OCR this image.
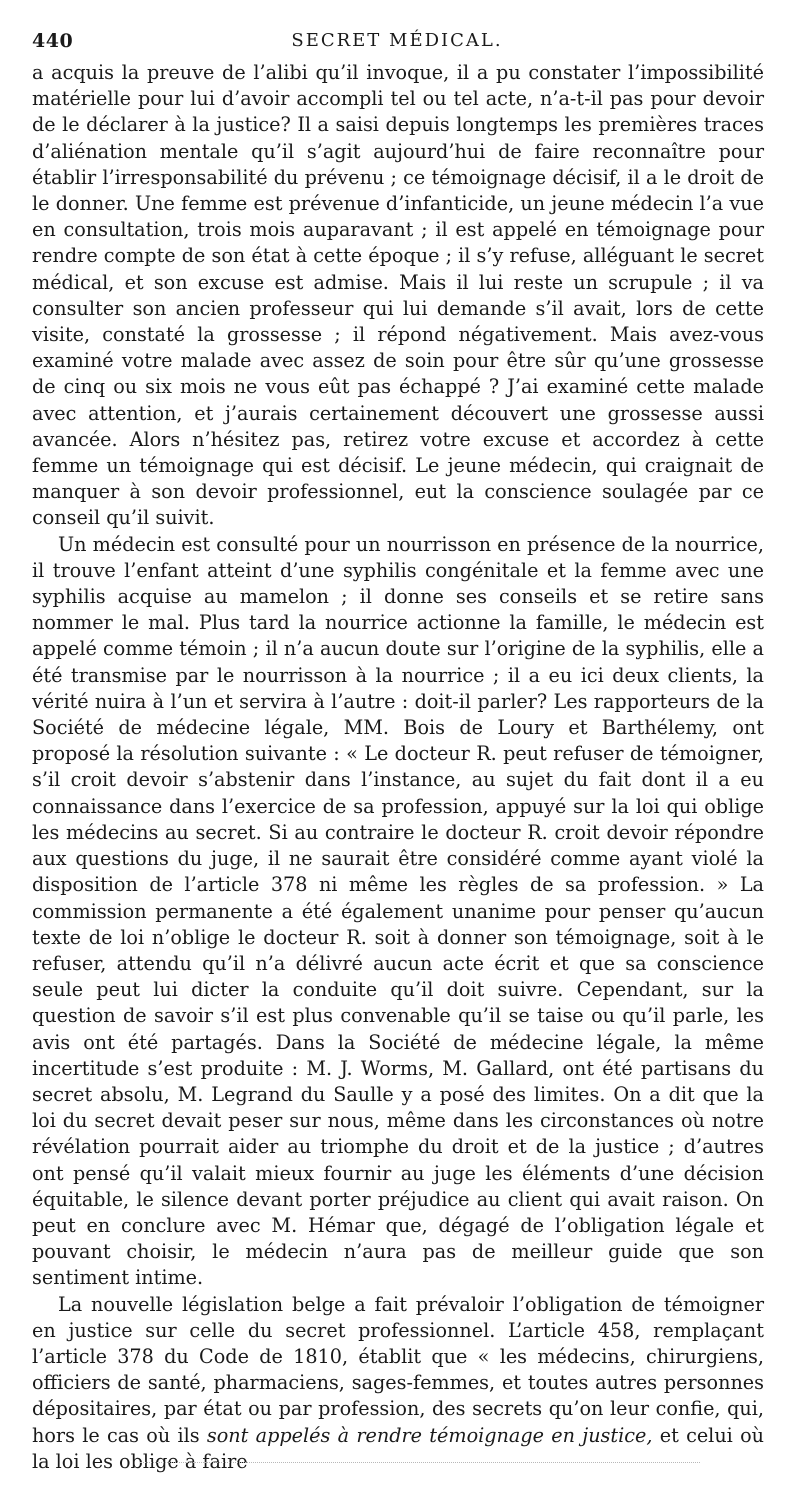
440	SECRET MÉDICAL.

a acquis la preuve de l’alibi qu’il invoque, il a pu constater l’impossibilité matérielle pour lui d’avoir accompli tel ou tel acte, n’a-t-il pas pour devoir de le déclarer à la justice? Il a saisi depuis longtemps les premières traces d’aliénation mentale qu’il s’agit aujourd’hui de faire reconnaître pour établir l’irresponsabilité du prévenu ; ce témoignage décisif, il a le droit de le donner. Une femme est prévenue d’infanticide, un jeune médecin l’a vue en consultation, trois mois auparavant ; il est appelé en témoignage pour rendre compte de son état à cette époque ; il s’y refuse, alléguant le secret médical, et son excuse est admise. Mais il lui reste un scrupule ; il va consulter son ancien professeur qui lui demande s’il avait, lors de cette visite, constaté la grossesse ; il répond négativement. Mais avez-vous examiné votre malade avec assez de soin pour être sûr qu’une grossesse de cinq ou six mois ne vous eût pas échappé ? J’ai examiné cette malade avec attention, et j’aurais certainement découvert une grossesse aussi avancée. Alors n’hésitez pas, retirez votre excuse et accordez à cette femme un témoignage qui est décisif. Le jeune médecin, qui craignait de manquer à son devoir professionnel, eut la conscience soulagée par ce conseil qu’il suivit.

Un médecin est consulté pour un nourrisson en présence de la nourrice, il trouve l’enfant atteint d’une syphilis congénitale et la femme avec une syphilis acquise au mamelon ; il donne ses conseils et se retire sans nommer le mal. Plus tard la nourrice actionne la famille, le médecin est appelé comme témoin ; il n’a aucun doute sur l’origine de la syphilis, elle a été transmise par le nourrisson à la nourrice ; il a eu ici deux clients, la vérité nuira à l’un et servira à l’autre : doit-il parler? Les rapporteurs de la Société de médecine légale, MM. Bois de Loury et Barthélemy, ont proposé la résolution suivante : « Le docteur R. peut refuser de témoigner, s’il croit devoir s’abstenir dans l’instance, au sujet du fait dont il a eu connaissance dans l’exercice de sa profession, appuyé sur la loi qui oblige les médecins au secret. Si au contraire le docteur R. croit devoir répondre aux questions du juge, il ne saurait être considéré comme ayant violé la disposition de l’article 378 ni même les règles de sa profession. » La commission permanente a été également unanime pour penser qu’aucun texte de loi n’oblige le docteur R. soit à donner son témoignage, soit à le refuser, attendu qu’il n’a délivré aucun acte écrit et que sa conscience seule peut lui dicter la conduite qu’il doit suivre. Cependant, sur la question de savoir s’il est plus convenable qu’il se taise ou qu’il parle, les avis ont été partagés. Dans la Société de médecine légale, la même incertitude s’est produite : M. J. Worms, M. Gallard, ont été partisans du secret absolu, M. Legrand du Saulle y a posé des limites. On a dit que la loi du secret devait peser sur nous, même dans les circonstances où notre révélation pourrait aider au triomphe du droit et de la justice ; d’autres ont pensé qu’il valait mieux fournir au juge les éléments d’une décision équitable, le silence devant porter préjudice au client qui avait raison. On peut en conclure avec M. Hémar que, dégagé de l’obligation légale et pouvant choisir, le médecin n’aura pas de meilleur guide que son sentiment intime.

La nouvelle législation belge a fait prévaloir l’obligation de témoigner en justice sur celle du secret professionnel. L’article 458, remplaçant l’article 378 du Code de 1810, établit que « les médecins, chirurgiens, officiers de santé, pharmaciens, sages-femmes, et toutes autres personnes dépositaires, par état ou par profession, des secrets qu’on leur confie, qui, hors le cas où ils sont appelés à rendre témoignage en justice, et celui où la loi les oblige à faire
